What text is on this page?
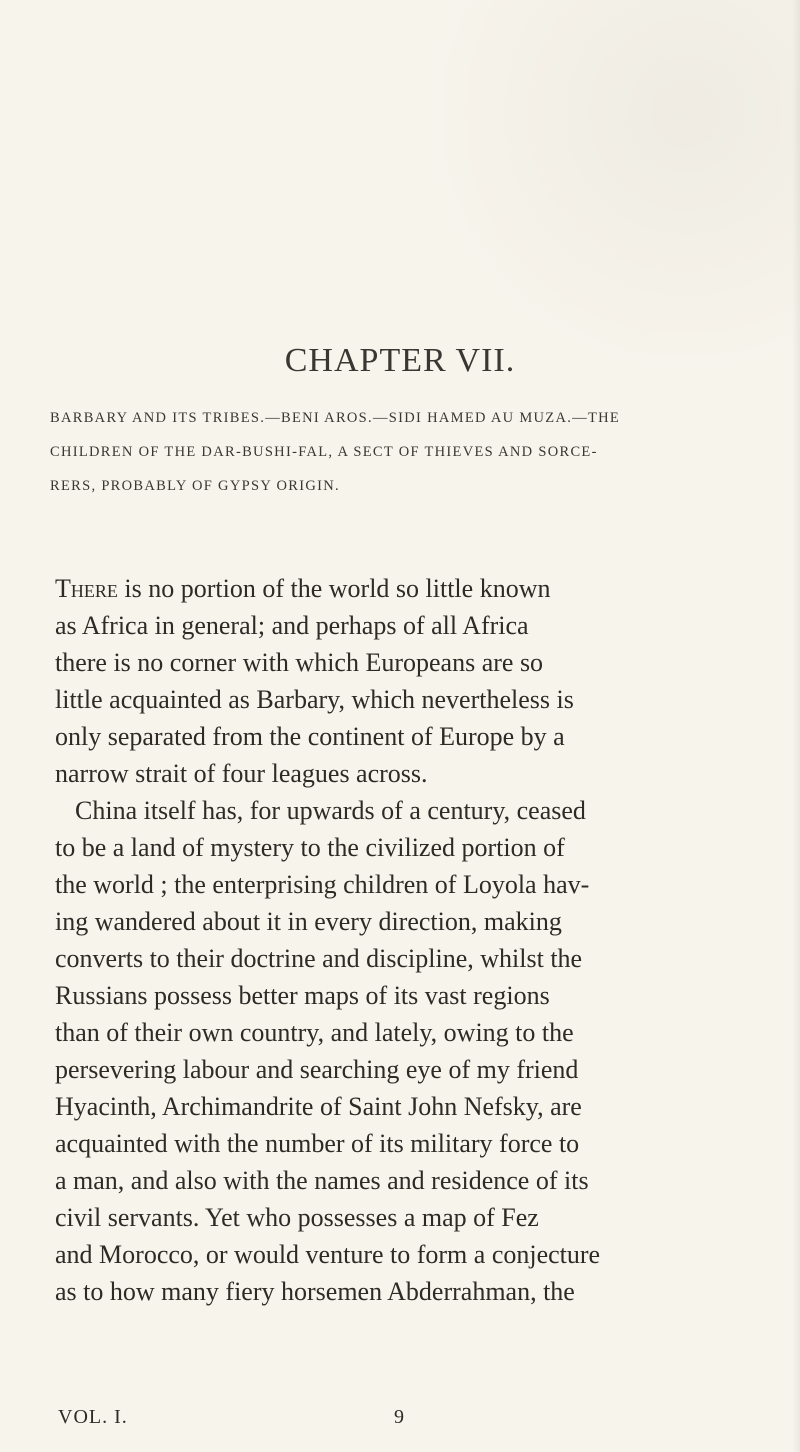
CHAPTER VII.
BARBARY AND ITS TRIBES.—BENI AROS.—SIDI HAMED AU MUZA.—THE
CHILDREN OF THE DAR-BUSHI-FAL, A SECT OF THIEVES AND SORCE-
RERS, PROBABLY OF GYPSY ORIGIN.
There is no portion of the world so little known
as Africa in general; and perhaps of all Africa
there is no corner with which Europeans are so
little acquainted as Barbary, which nevertheless is
only separated from the continent of Europe by a
narrow strait of four leagues across.
China itself has, for upwards of a century, ceased
to be a land of mystery to the civilized portion of
the world ; the enterprising children of Loyola hav-
ing wandered about it in every direction, making
converts to their doctrine and discipline, whilst the
Russians possess better maps of its vast regions
than of their own country, and lately, owing to the
persevering labour and searching eye of my friend
Hyacinth, Archimandrite of Saint John Nefsky, are
acquainted with the number of its military force to
a man, and also with the names and residence of its
civil servants. Yet who possesses a map of Fez
and Morocco, or would venture to form a conjecture
as to how many fiery horsemen Abderrahman, the
VOL. I.	9
